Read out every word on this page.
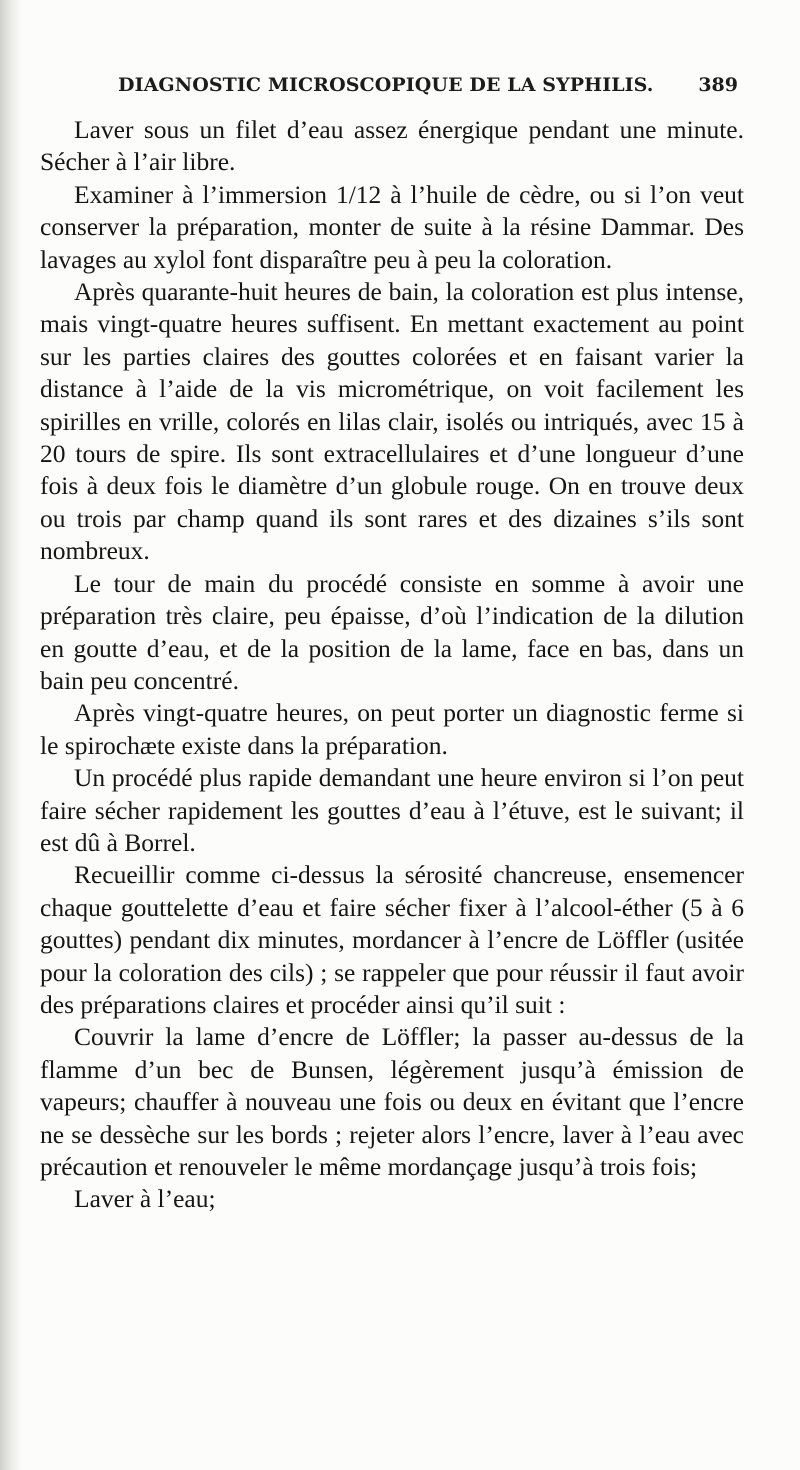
DIAGNOSTIC MICROSCOPIQUE DE LA SYPHILIS. 389

Laver sous un filet d’eau assez énergique pendant une minute. Sécher à l’air libre.

Examiner à l’immersion 1/12 à l’huile de cèdre, ou si l’on veut conserver la préparation, monter de suite à la résine Dammar. Des lavages au xylol font disparaître peu à peu la coloration.

Après quarante-huit heures de bain, la coloration est plus intense, mais vingt-quatre heures suffisent. En mettant exactement au point sur les parties claires des gouttes colorées et en faisant varier la distance à l’aide de la vis micrométrique, on voit facilement les spirilles en vrille, colorés en lilas clair, isolés ou intriqués, avec 15 à 20 tours de spire. Ils sont extracellulaires et d’une longueur d’une fois à deux fois le diamètre d’un globule rouge. On en trouve deux ou trois par champ quand ils sont rares et des dizaines s’ils sont nombreux.

Le tour de main du procédé consiste en somme à avoir une préparation très claire, peu épaisse, d’où l’indication de la dilution en goutte d’eau, et de la position de la lame, face en bas, dans un bain peu concentré.

Après vingt-quatre heures, on peut porter un diagnostic ferme si le spirochæte existe dans la préparation.

Un procédé plus rapide demandant une heure environ si l’on peut faire sécher rapidement les gouttes d’eau à l’étuve, est le suivant; il est dû à Borrel.

Recueillir comme ci-dessus la sérosité chancreuse, ensemencer chaque gouttelette d’eau et faire sécher fixer à l’alcool-éther (5 à 6 gouttes) pendant dix minutes, mordancer à l’encre de Löffler (usitée pour la coloration des cils) ; se rappeler que pour réussir il faut avoir des préparations claires et procéder ainsi qu’il suit :

Couvrir la lame d’encre de Löffler; la passer au-dessus de la flamme d’un bec de Bunsen, légèrement jusqu’à émission de vapeurs; chauffer à nouveau une fois ou deux en évitant que l’encre ne se dessèche sur les bords ; rejeter alors l’encre, laver à l’eau avec précaution et renouveler le même mordançage jusqu’à trois fois;

Laver à l’eau;
